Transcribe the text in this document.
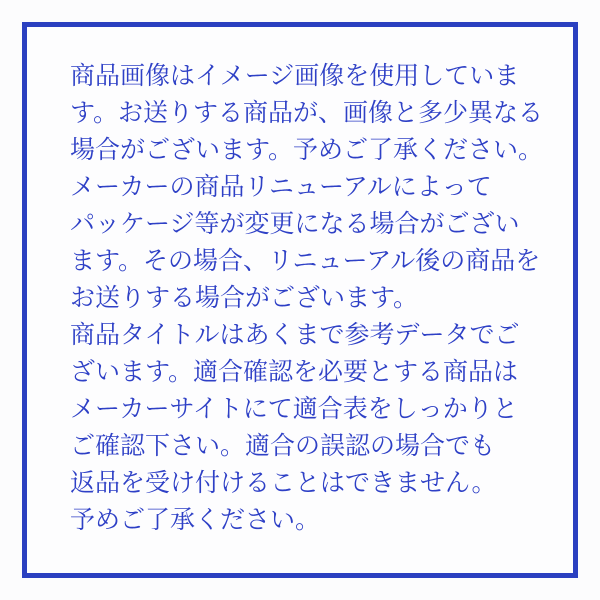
商品画像はイメージ画像を使用していま
す。お送りする商品が、画像と多少異なる
場合がございます。予めご了承ください。
メーカーの商品リニューアルによって
パッケージ等が変更になる場合がござい
ます。その場合、リニューアル後の商品を
お送りする場合がございます。
商品タイトルはあくまで参考データでご
ざいます。適合確認を必要とする商品は
メーカーサイトにて適合表をしっかりと
ご確認下さい。適合の誤認の場合でも
返品を受け付けることはできません。
予めご了承ください。
